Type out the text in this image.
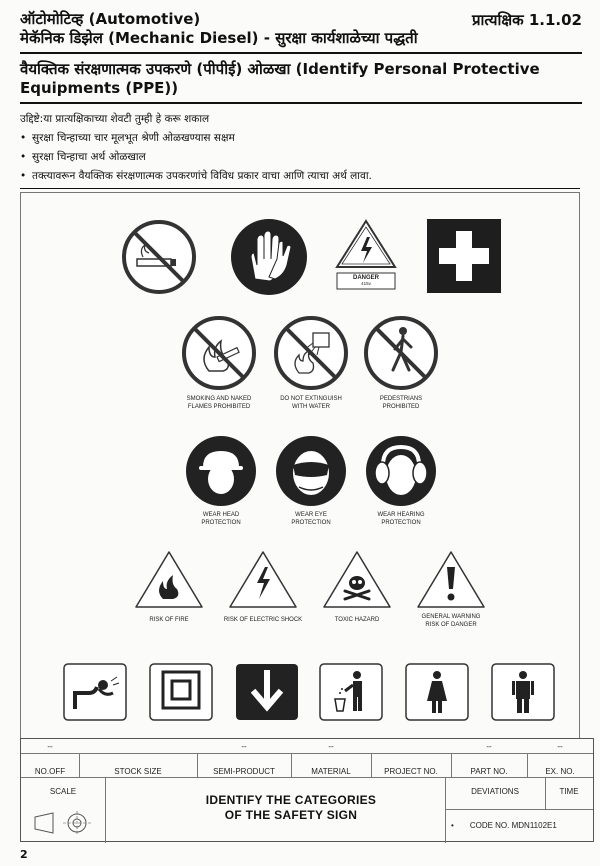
ऑटोमोटिव्ह (Automotive)
मेकॅनिक डिझेल (Mechanic Diesel) - सुरक्षा कार्यशाळेच्या पद्धती
प्रात्यक्षिक 1.1.02
वैयक्तिक संरक्षणात्मक उपकरणे (पीपीई) ओळखा (Identify Personal Protective Equipments (PPE))
उद्दिष्टे:या प्रात्यक्षिकाच्या शेवटी तुम्ही हे करू शकाल
• सुरक्षा चिन्हाच्या चार मूलभूत श्रेणी ओळखण्यास सक्षम
• सुरक्षा चिन्हाचा अर्थ ओळखाल
• तक्त्यावरून वैयक्तिक संरक्षणात्मक उपकरणांचे विविध प्रकार वाचा आणि त्याचा अर्थ लावा.
DANGER
415v
SMOKING AND NAKED
FLAMES PROHIBITED
DO NOT EXTINGUISH
WITH WATER
PEDESTRIANS
PROHIBITED
WEAR HEAD
PROTECTION
WEAR EYE
PROTECTION
WEAR HEARING
PROTECTION
RISK OF FIRE	RISK OF ELECTRIC SHOCK	TOXIC HAZARD	GENERAL WARNING
RISK OF DANGER
--	--	--	--	--
NO.OFF	STOCK SIZE	SEMI-PRODUCT	MATERIAL	PROJECT NO.	PART NO.	EX. NO.
SCALE
IDENTIFY THE CATEGORIES
OF THE SAFETY SIGN
DEVIATIONS	TIME
• CODE NO. MDN1102E1
2
